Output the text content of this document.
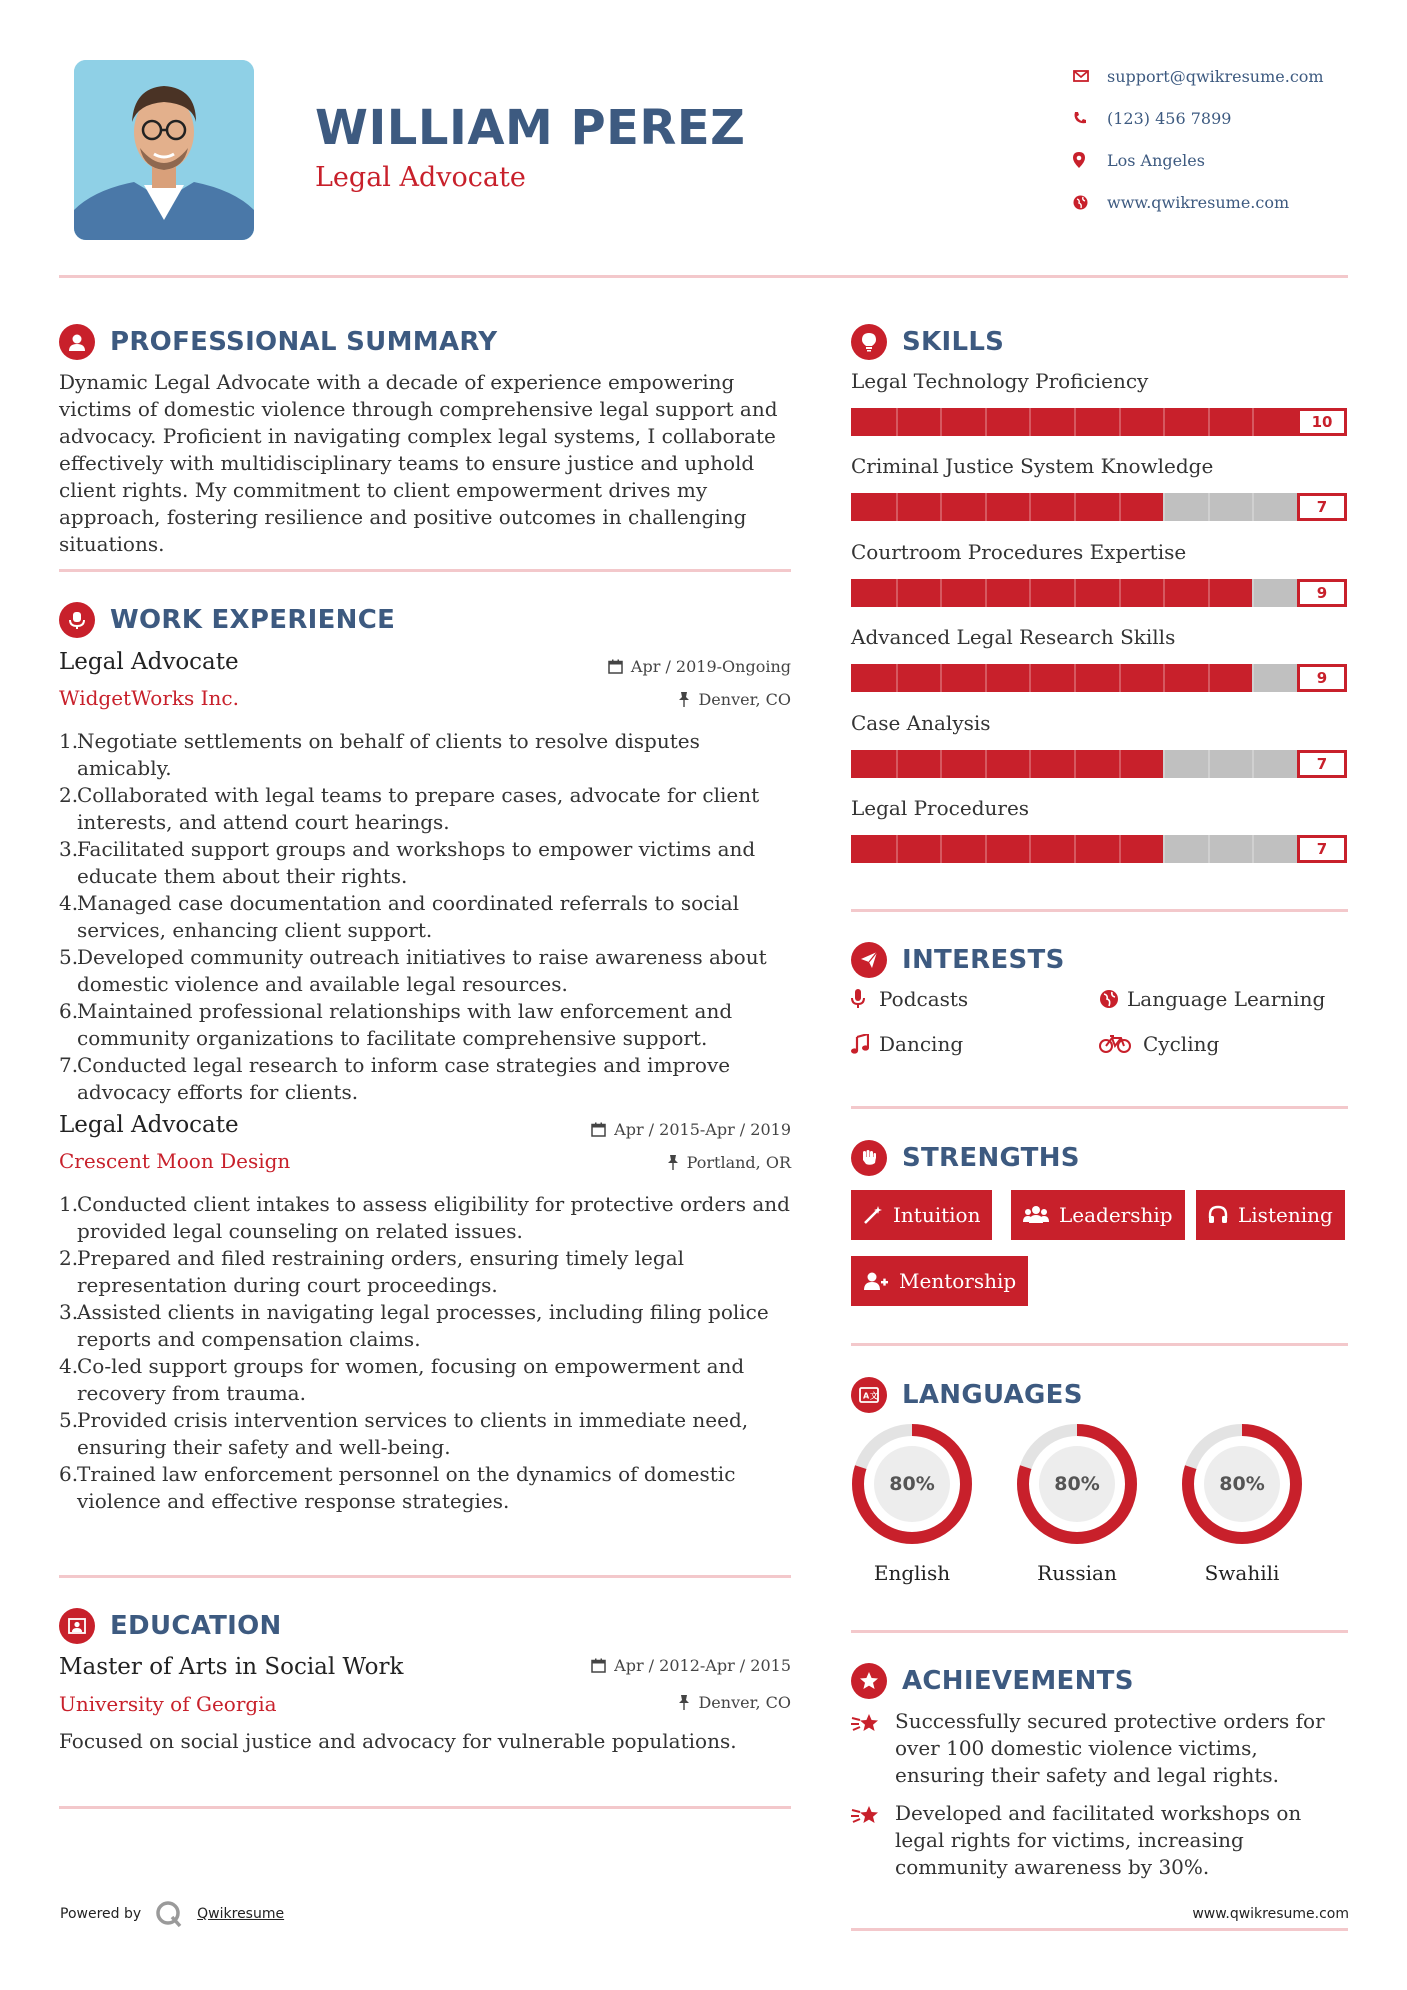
WILLIAM PEREZ
Legal Advocate
support@qwikresume.com
(123) 456 7899
Los Angeles
www.qwikresume.com
PROFESSIONAL SUMMARY
Dynamic Legal Advocate with a decade of experience empowering victims of domestic violence through comprehensive legal support and advocacy. Proficient in navigating complex legal systems, I collaborate effectively with multidisciplinary teams to ensure justice and uphold client rights. My commitment to client empowerment drives my approach, fostering resilience and positive outcomes in challenging situations.
WORK EXPERIENCE
Legal Advocate	Apr / 2019-Ongoing
WidgetWorks Inc.	Denver, CO
1.
Negotiate settlements on behalf of clients to resolve disputes amicably.
2.
Collaborated with legal teams to prepare cases, advocate for client interests, and attend court hearings.
3.
Facilitated support groups and workshops to empower victims and educate them about their rights.
4.
Managed case documentation and coordinated referrals to social services, enhancing client support.
5.
Developed community outreach initiatives to raise awareness about domestic violence and available legal resources.
6.
Maintained professional relationships with law enforcement and community organizations to facilitate comprehensive support.
7.
Conducted legal research to inform case strategies and improve advocacy efforts for clients.
Legal Advocate	Apr / 2015-Apr / 2019
Crescent Moon Design	Portland, OR
1.
Conducted client intakes to assess eligibility for protective orders and provided legal counseling on related issues.
2.
Prepared and filed restraining orders, ensuring timely legal representation during court proceedings.
3.
Assisted clients in navigating legal processes, including filing police reports and compensation claims.
4.
Co-led support groups for women, focusing on empowerment and recovery from trauma.
5.
Provided crisis intervention services to clients in immediate need, ensuring their safety and well-being.
6.
Trained law enforcement personnel on the dynamics of domestic violence and effective response strategies.
EDUCATION
Master of Arts in Social Work	Apr / 2012-Apr / 2015
University of Georgia	Denver, CO
Focused on social justice and advocacy for vulnerable populations.
SKILLS
Legal Technology Proficiency
10
Criminal Justice System Knowledge
7
Courtroom Procedures Expertise
9
Advanced Legal Research Skills
9
Case Analysis
7
Legal Procedures
7
INTERESTS
Podcasts	Language Learning
Dancing	Cycling
STRENGTHS
Intuition	Leadership	Listening
Mentorship
A 文 LANGUAGES
80%
English
80%
Russian
80%
Swahili
ACHIEVEMENTS
Successfully secured protective orders for over 100 domestic violence victims, ensuring their safety and legal rights.
Developed and facilitated workshops on legal rights for victims, increasing community awareness by 30%.
Powered by	Qwikresume	www.qwikresume.com
